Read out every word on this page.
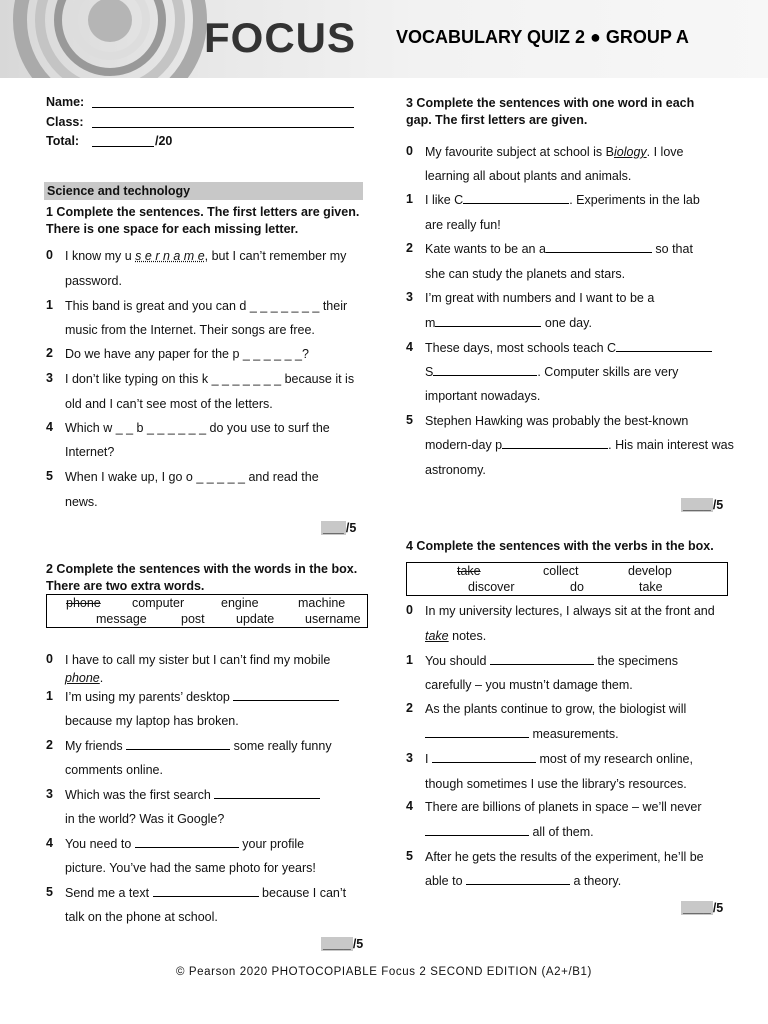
FOCUS VOCABULARY QUIZ 2 ● GROUP A
Name:
Class:
Total:	/20
Science and technology
1 Complete the sentences. The first letters are given.
There is one space for each missing letter.
0 I know my u s e r n a m e, but I can’t remember my
password.
1 This band is great and you can d _ _ _ _ _ _ _ their
music from the Internet. Their songs are free.
2 Do we have any paper for the p _ _ _ _ _ _?
3 I don’t like typing on this k _ _ _ _ _ _ _ because it is
old and I can’t see most of the letters.
4 Which w _ _ b _ _ _ _ _ _ do you use to surf the
Internet?
5 When I wake up, I go o _ _ _ _ _ and read the
news.
___ /5
2 Complete the sentences with the words in the box.
There are two extra words.
phone computer	engine	machine
message	post	update username
0 I have to call my sister but I can’t find my mobile
phone.
1 I’m using my parents’ desktop
because my laptop has broken.
2 My friends	some really funny
comments online.
3 Which was the first search
in the world? Was it Google?
4 You need to	your profile
picture. You’ve had the same photo for years!
5 Send me a text	because I can’t
talk on the phone at school.
____ /5
3 Complete the sentences with one word in each
gap. The first letters are given.
0 My favourite subject at school is Biology. I love
learning all about plants and animals.
1 I like C	. Experiments in the lab
are really fun!
2 Kate wants to be an a	so that
she can study the planets and stars.
3 I’m great with numbers and I want to be a
m	one day.
4 These days, most schools teach C
S	. Computer skills are very
important nowadays.
5 Stephen Hawking was probably the best-known
modern-day p	. His main interest was
astronomy.
____ /5
4 Complete the sentences with the verbs in the box.
take	collect	develop
discover	do	take
0 In my university lectures, I always sit at the front and
take notes.
1 You should	the specimens
carefully – you mustn’t damage them.
2 As the plants continue to grow, the biologist will
measurements.
3 I	most of my research online,
though sometimes I use the library’s resources.
4 There are billions of planets in space – we’ll never
all of them.
5 After he gets the results of the experiment, he’ll be
able to	a theory.
____ /5
© Pearson 2020 PHOTOCOPIABLE Focus 2 SECOND EDITION (A2+/B1)
